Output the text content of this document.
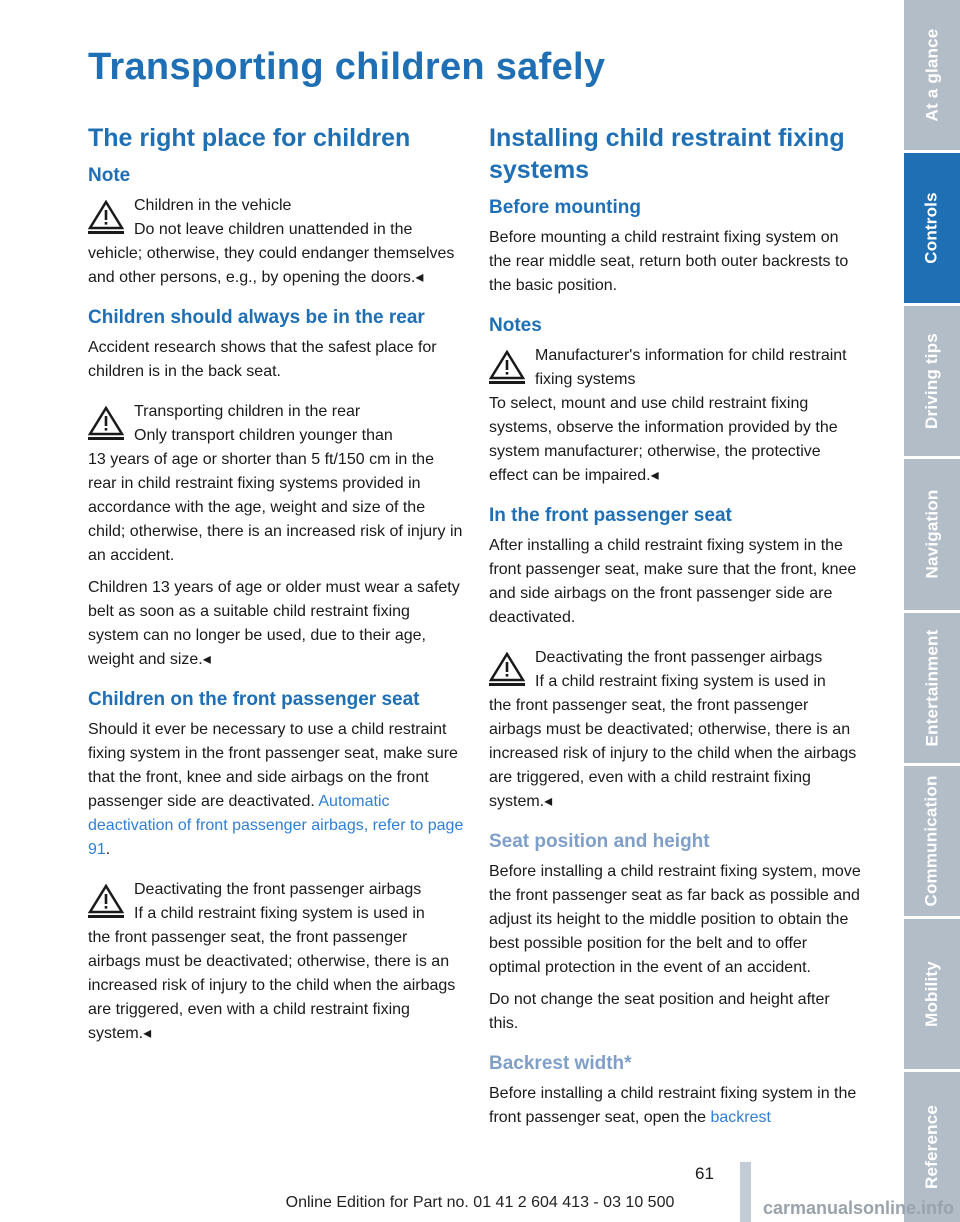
Transporting children safely
The right place for children
Note
Children in the vehicle
Do not leave children unattended in the
vehicle; otherwise, they could endanger themselves and other persons, e.g., by opening the doors.◂
Children should always be in the rear

Accident research shows that the safest place for children is in the back seat.

Transporting children in the rear
Only transport children younger than
13 years of age or shorter than 5 ft/150 cm in the rear in child restraint fixing systems provided in accordance with the age, weight and size of the child; otherwise, there is an increased risk of injury in an accident.

Children 13 years of age or older must wear a safety belt as soon as a suitable child restraint fixing system can no longer be used, due to their age, weight and size.◂

Children on the front passenger seat

Should it ever be necessary to use a child restraint fixing system in the front passenger seat, make sure that the front, knee and side airbags on the front passenger side are deactivated. Automatic deactivation of front passenger airbags, refer to page 91.

Deactivating the front passenger airbags
If a child restraint fixing system is used in
the front passenger seat, the front passenger airbags must be deactivated; otherwise, there is an increased risk of injury to the child when the airbags are triggered, even with a child restraint fixing system.◂
Installing child restraint fixing systems
Before mounting

Before mounting a child restraint fixing system on the rear middle seat, return both outer backrests to the basic position.

Notes
Manufacturer's information for child restraint fixing systems
To select, mount and use child restraint fixing systems, observe the information provided by the system manufacturer; otherwise, the protective effect can be impaired.◂
In the front passenger seat

After installing a child restraint fixing system in the front passenger seat, make sure that the front, knee and side airbags on the front passenger side are deactivated.

Deactivating the front passenger airbags
If a child restraint fixing system is used in
the front passenger seat, the front passenger airbags must be deactivated; otherwise, there is an increased risk of injury to the child when the airbags are triggered, even with a child restraint fixing system.◂
Seat position and height

Before installing a child restraint fixing system, move the front passenger seat as far back as possible and adjust its height to the middle position to obtain the best possible position for the belt and to offer optimal protection in the event of an accident.

Do not change the seat position and height after this.

Backrest width*

Before installing a child restraint fixing system in the front passenger seat, open the backrest

At a glance
Controls
Driving tips
Navigation
Entertainment
Communication
Mobility
Reference
61
Online Edition for Part no. 01 41 2 604 413 - 03 10 500	carmanualsonline.info
